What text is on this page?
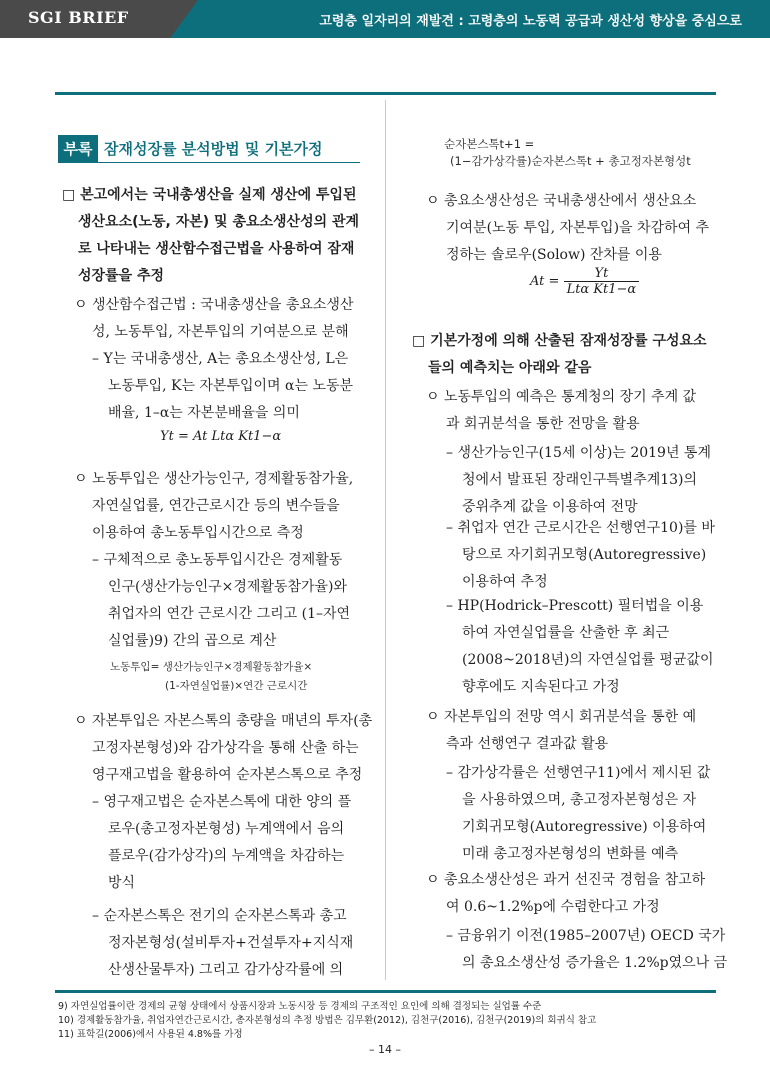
SGI BRIEF	고령층 일자리의 재발견 : 고령층의 노동력 공급과 생산성 향상을 중심으로
부록 잠재성장률 분석방법 및 기본가정
□ 본고에서는 국내총생산을 실제 생산에 투입된
생산요소(노동, 자본) 및 총요소생산성의 관계
로 나타내는 생산함수접근법을 사용하여 잠재
성장률을 추정
ㅇ 생산함수접근법 : 국내총생산을 총요소생산
성, 노동투입, 자본투입의 기여분으로 분해
– Y는 국내총생산, A는 총요소생산성, L은
노동투입, K는 자본투입이며 α는 노동분
배율, 1–α는 자본분배율을 의미
Yt = At Ltα Kt1−α
ㅇ 노동투입은 생산가능인구, 경제활동참가율,
자연실업률, 연간근로시간 등의 변수들을
이용하여 총노동투입시간으로 측정
– 구체적으로 총노동투입시간은 경제활동
인구(생산가능인구×경제활동참가율)와
취업자의 연간 근로시간 그리고 (1–자연
실업률)9) 간의 곱으로 계산
노동투입= 생산가능인구×경제활동참가율×
(1-자연실업률)×연간 근로시간
ㅇ 자본투입은 자본스톡의 총량을 매년의 투자(총
고정자본형성)와 감가상각을 통해 산출 하는
영구재고법을 활용하여 순자본스톡으로 추정
– 영구재고법은 순자본스톡에 대한 양의 플
로우(총고정자본형성) 누계액에서 음의
플로우(감가상각)의 누계액을 차감하는
방식
– 순자본스톡은 전기의 순자본스톡과 총고
정자본형성(설비투자+건설투자+지식재
산생산물투자) 그리고 감가상각률에 의
순자본스톡t+1 =
(1−감가상각률)순자본스톡t + 총고정자본형성t
ㅇ 총요소생산성은 국내총생산에서 생산요소
기여분(노동 투입, 자본투입)을 차감하여 추
정하는 솔로우(Solow) 잔차를 이용
$At = \frac{Yt}{\text{Ltα Kt1−α}}$
□ 기본가정에 의해 산출된 잠재성장률 구성요소
들의 예측치는 아래와 같음
ㅇ 노동투입의 예측은 통계청의 장기 추계 값
과 회귀분석을 통한 전망을 활용
– 생산가능인구(15세 이상)는 2019년 통계
청에서 발표된 장래인구특별추계13)의
중위추계 값을 이용하여 전망
– 취업자 연간 근로시간은 선행연구10)를 바
탕으로 자기회귀모형(Autoregressive)
이용하여 추정
– HP(Hodrick–Prescott) 필터법을 이용
하여 자연실업률을 산출한 후 최근
(2008~2018년)의 자연실업률 평균값이
향후에도 지속된다고 가정
ㅇ 자본투입의 전망 역시 회귀분석을 통한 예
측과 선행연구 결과값 활용
– 감가상각률은 선행연구11)에서 제시된 값
을 사용하였으며, 총고정자본형성은 자
기회귀모형(Autoregressive) 이용하여
미래 총고정자본형성의 변화를 예측
ㅇ 총요소생산성은 과거 선진국 경험을 참고하
여 0.6~1.2%p에 수렴한다고 가정
– 금융위기 이전(1985–2007년) OECD 국가
의 총요소생산성 증가율은 1.2%p였으나 금
9) 자연실업률이란 경제의 균형 상태에서 상품시장과 노동시장 등 경제의 구조적인 요인에 의해 결정되는 실업률 수준
10) 경제활동참가율, 취업자연간근로시간, 총자본형성의 추정 방법은 김무환(2012), 김천구(2016), 김천구(2019)의 회귀식 참고
11) 표학길(2006)에서 사용된 4.8%를 가정
– 14 –
